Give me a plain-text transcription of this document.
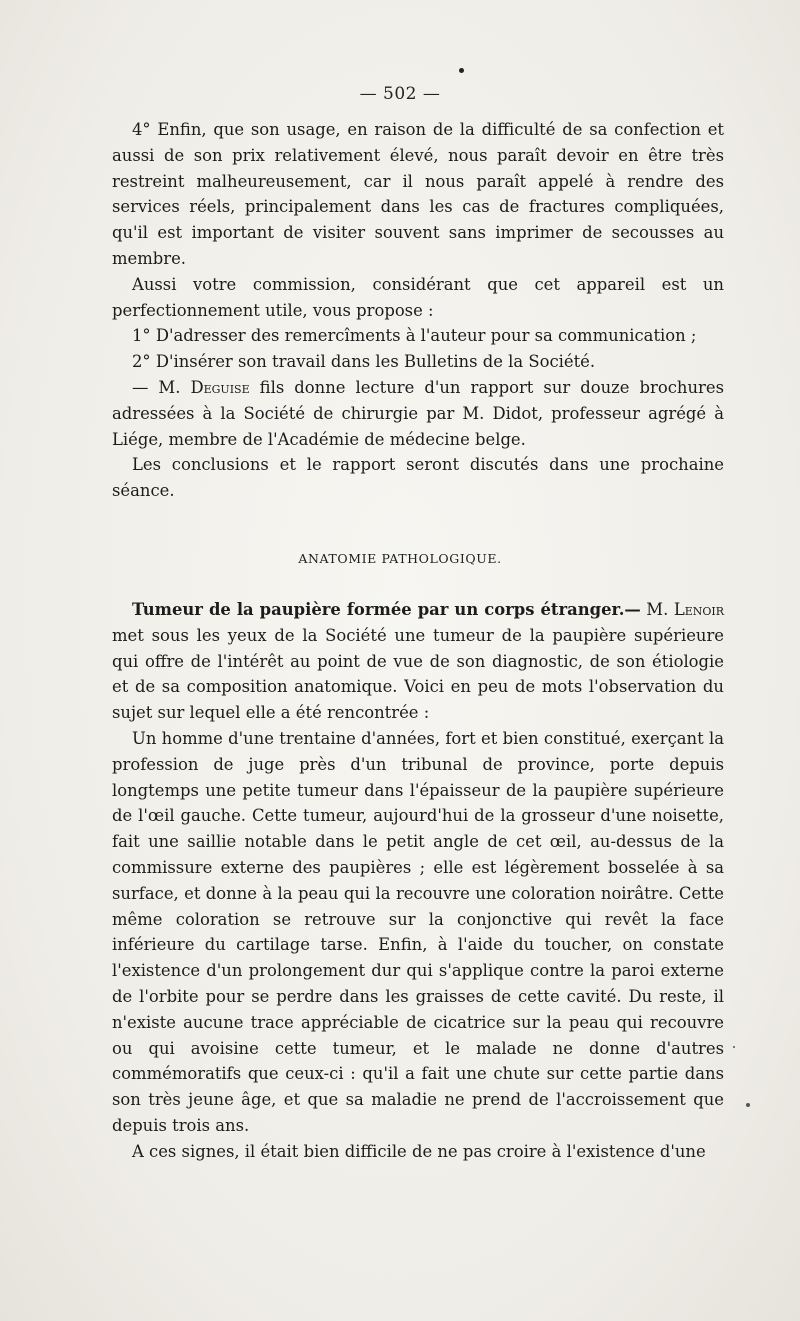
— 502 —

4° Enfin, que son usage, en raison de la difficulté de sa confection et aussi de son prix relativement élevé, nous paraît devoir en être très restreint malheureusement, car il nous paraît appelé à rendre des services réels, principalement dans les cas de fractures compliquées, qu'il est important de visiter souvent sans imprimer de secousses au membre.

Aussi votre commission, considérant que cet appareil est un perfectionnement utile, vous propose :

1° D'adresser des remercîments à l'auteur pour sa communication ;

2° D'insérer son travail dans les Bulletins de la Société.

— M. Deguise fils donne lecture d'un rapport sur douze brochures adressées à la Société de chirurgie par M. Didot, professeur agrégé à Liége, membre de l'Académie de médecine belge.

Les conclusions et le rapport seront discutés dans une prochaine séance.

ANATOMIE PATHOLOGIQUE.

Tumeur de la paupière formée par un corps étranger.— M. Lenoir met sous les yeux de la Société une tumeur de la paupière supérieure qui offre de l'intérêt au point de vue de son diagnostic, de son étiologie et de sa composition anatomique. Voici en peu de mots l'observation du sujet sur lequel elle a été rencontrée :

Un homme d'une trentaine d'années, fort et bien constitué, exerçant la profession de juge près d'un tribunal de province, porte depuis longtemps une petite tumeur dans l'épaisseur de la paupière supérieure de l'œil gauche. Cette tumeur, aujourd'hui de la grosseur d'une noisette, fait une saillie notable dans le petit angle de cet œil, au-dessus de la commissure externe des paupières ; elle est légèrement bosselée à sa surface, et donne à la peau qui la recouvre une coloration noirâtre. Cette même coloration se retrouve sur la conjonctive qui revêt la face inférieure du cartilage tarse. Enfin, à l'aide du toucher, on constate l'existence d'un prolongement dur qui s'applique contre la paroi externe de l'orbite pour se perdre dans les graisses de cette cavité. Du reste, il n'existe aucune trace appréciable de cicatrice sur la peau qui recouvre ou qui avoisine cette tumeur, et le malade ne donne d'autres commémoratifs que ceux-ci : qu'il a fait une chute sur cette partie dans son très jeune âge, et que sa maladie ne prend de l'accroissement que depuis trois ans.

A ces signes, il était bien difficile de ne pas croire à l'existence d'une
